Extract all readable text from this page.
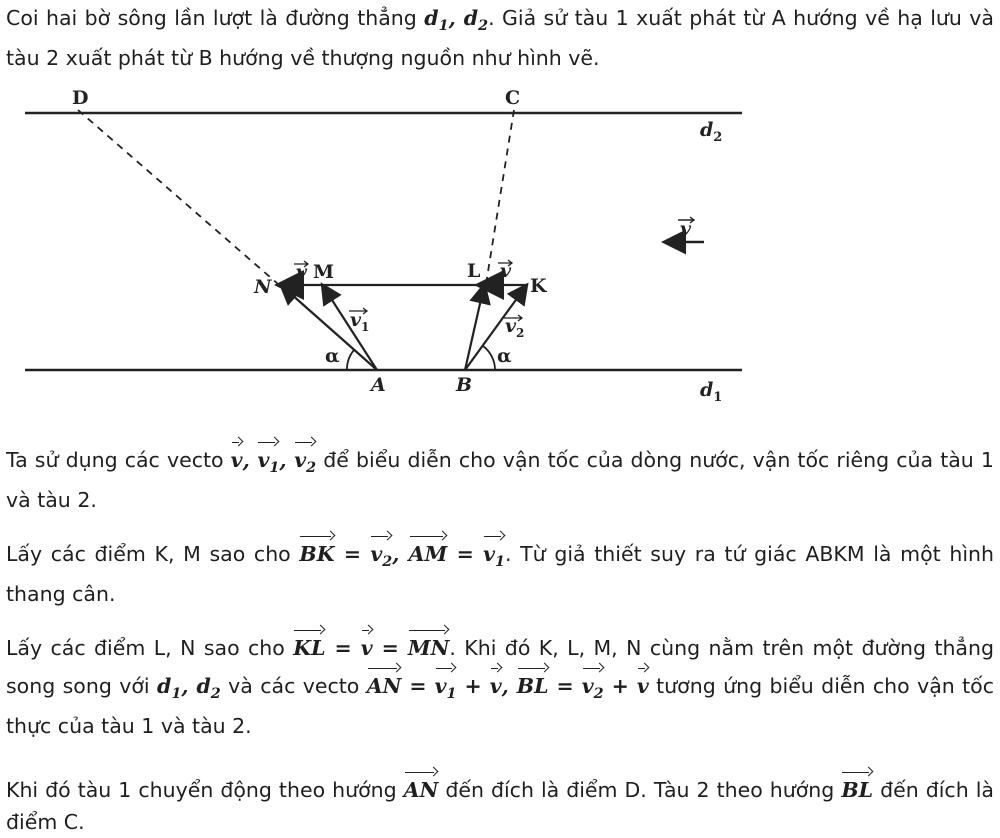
Coi hai bờ sông lần lượt là đường thẳng $d_1$, $d_2$. Giả sử tàu 1 xuất phát từ A hướng về hạ lưu và tàu 2 xuất phát từ B hướng về thượng nguồn như hình vẽ.
D	C
$d_2$
$d_1$
v
v M
N
L v
K
$v_1$	$v_2$
α	α
A	B
Ta sử dụng các vecto v, $v_1$, $v_2$ để biểu diễn cho vận tốc của dòng nước, vận tốc riêng của tàu 1 và tàu 2.
Lấy các điểm K, M sao cho BK = $v_2$, AM = $v_1$. Từ giả thiết suy ra tứ giác ABKM là một hình thang cân.
Lấy các điểm L, N sao cho KL = v = MN. Khi đó K, L, M, N cùng nằm trên một đường thẳng song song với $d_1$, $d_2$ và các vecto AN = $v_1 + v$, BL = $v_2 + v$ tương ứng biểu diễn cho vận tốc thực của tàu 1 và tàu 2.
Khi đó tàu 1 chuyển động theo hướng AN đến đích là điểm D. Tàu 2 theo hướng BL đến đích là điểm C.
